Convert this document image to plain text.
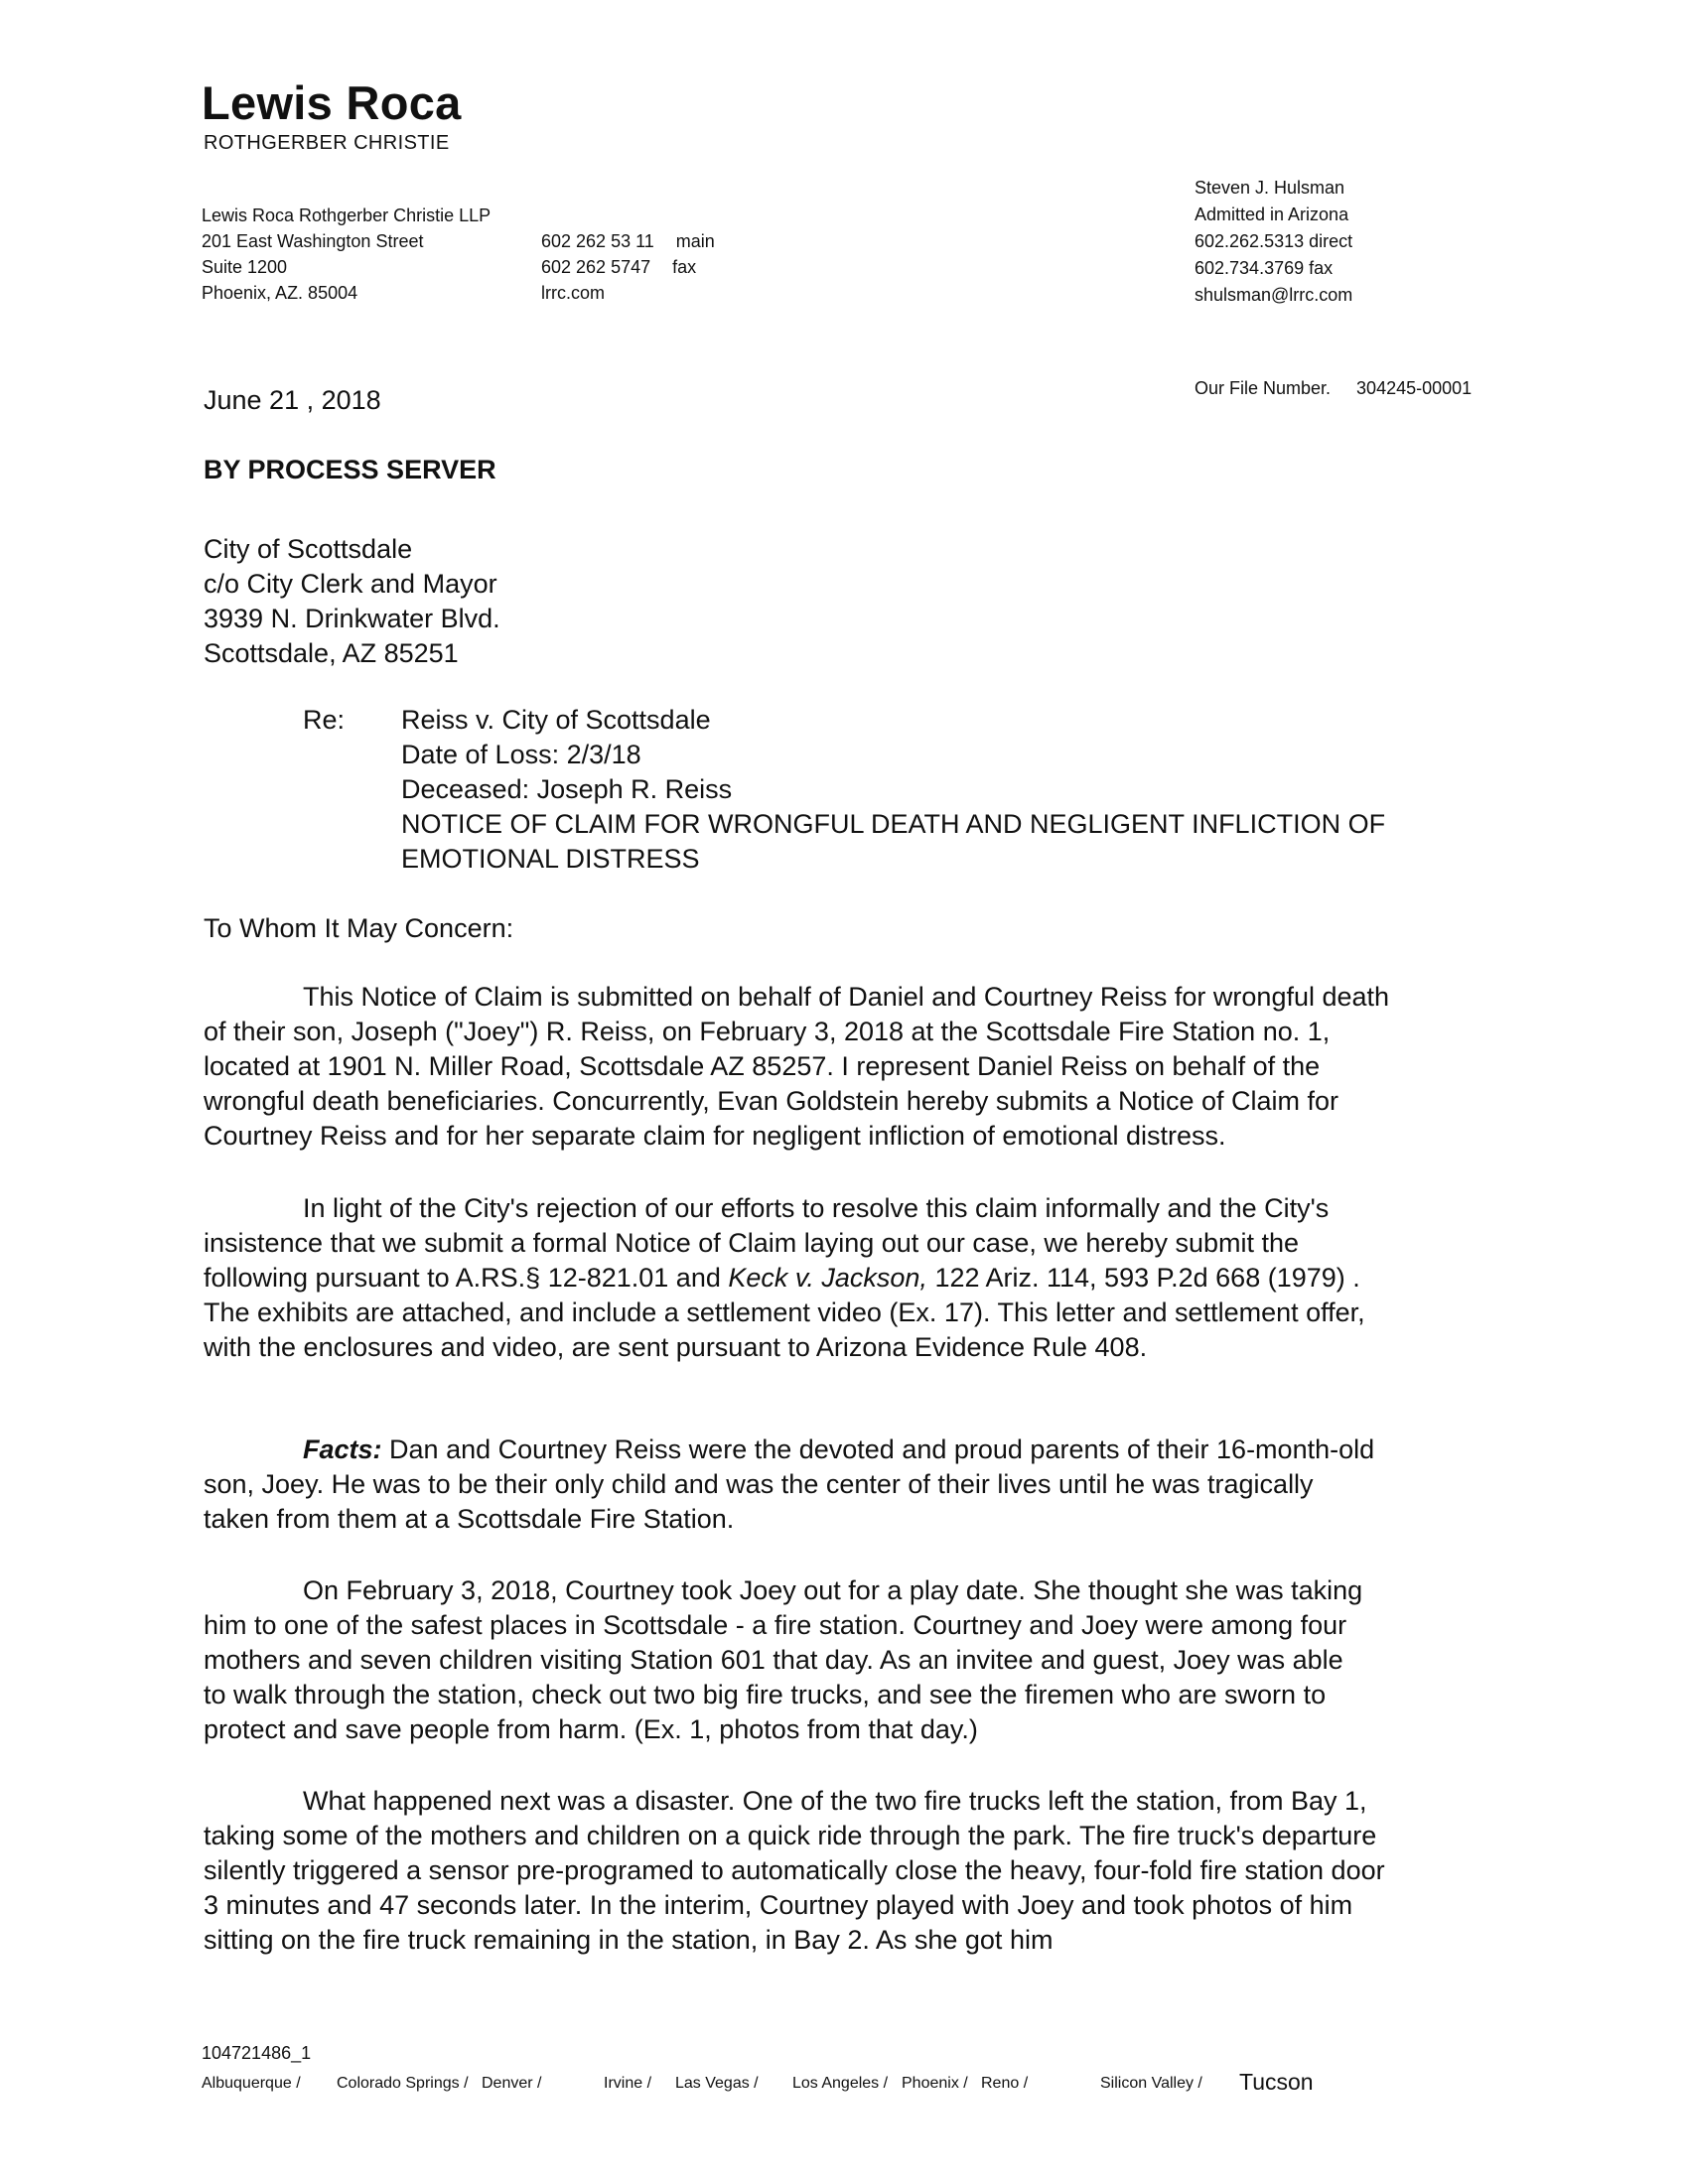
Lewis Roca
ROTHGERBER CHRISTIE
Lewis Roca Rothgerber Christie LLP
201 East Washington Street
Suite 1200
Phoenix, AZ. 85004
602 262 53 11 main
602 262 5747 fax
lrrc.com
Steven J. Hulsman
Admitted in Arizona
602.262.5313 direct
602.734.3769 fax
shulsman@lrrc.com
Our File Number. 304245-00001
June 21 , 2018
BY PROCESS SERVER
City of Scottsdale
c/o City Clerk and Mayor
3939 N. Drinkwater Blvd.
Scottsdale, AZ 85251
Re: Reiss v. City of Scottsdale
Date of Loss: 2/3/18
Deceased: Joseph R. Reiss
NOTICE OF CLAIM FOR WRONGFUL DEATH AND NEGLIGENT INFLICTION OF
EMOTIONAL DISTRESS
To Whom It May Concern:
This Notice of Claim is submitted on behalf of Daniel and Courtney Reiss for wrongful death
of their son, Joseph ("Joey") R. Reiss, on February 3, 2018 at the Scottsdale Fire Station no. 1,
located at 1901 N. Miller Road, Scottsdale AZ 85257. I represent Daniel Reiss on behalf of the
wrongful death beneficiaries. Concurrently, Evan Goldstein hereby submits a Notice of Claim for
Courtney Reiss and for her separate claim for negligent infliction of emotional distress.
In light of the City's rejection of our efforts to resolve this claim informally and the City's
insistence that we submit a formal Notice of Claim laying out our case, we hereby submit the
following pursuant to A.RS.§ 12-821.01 and Keck v. Jackson, 122 Ariz. 114, 593 P.2d 668 (1979) .
The exhibits are attached, and include a settlement video (Ex. 17). This letter and settlement offer,
with the enclosures and video, are sent pursuant to Arizona Evidence Rule 408.
Facts: Dan and Courtney Reiss were the devoted and proud parents of their 16-month-old
son, Joey. He was to be their only child and was the center of their lives until he was tragically
taken from them at a Scottsdale Fire Station.
On February 3, 2018, Courtney took Joey out for a play date. She thought she was taking
him to one of the safest places in Scottsdale - a fire station. Courtney and Joey were among four
mothers and seven children visiting Station 601 that day. As an invitee and guest, Joey was able
to walk through the station, check out two big fire trucks, and see the firemen who are sworn to
protect and save people from harm. (Ex. 1, photos from that day.)
What happened next was a disaster. One of the two fire trucks left the station, from Bay 1,
taking some of the mothers and children on a quick ride through the park. The fire truck's departure
silently triggered a sensor pre-programed to automatically close the heavy, four-fold fire station door
3 minutes and 47 seconds later. In the interim, Courtney played with Joey and took photos of him
sitting on the fire truck remaining in the station, in Bay 2. As she got him
104721486_1
Albuquerque / Colorado Springs / Denver /	Irvine / Las Vegas / Los Angeles / Phoenix / Reno /	Silicon Valley / Tucson
